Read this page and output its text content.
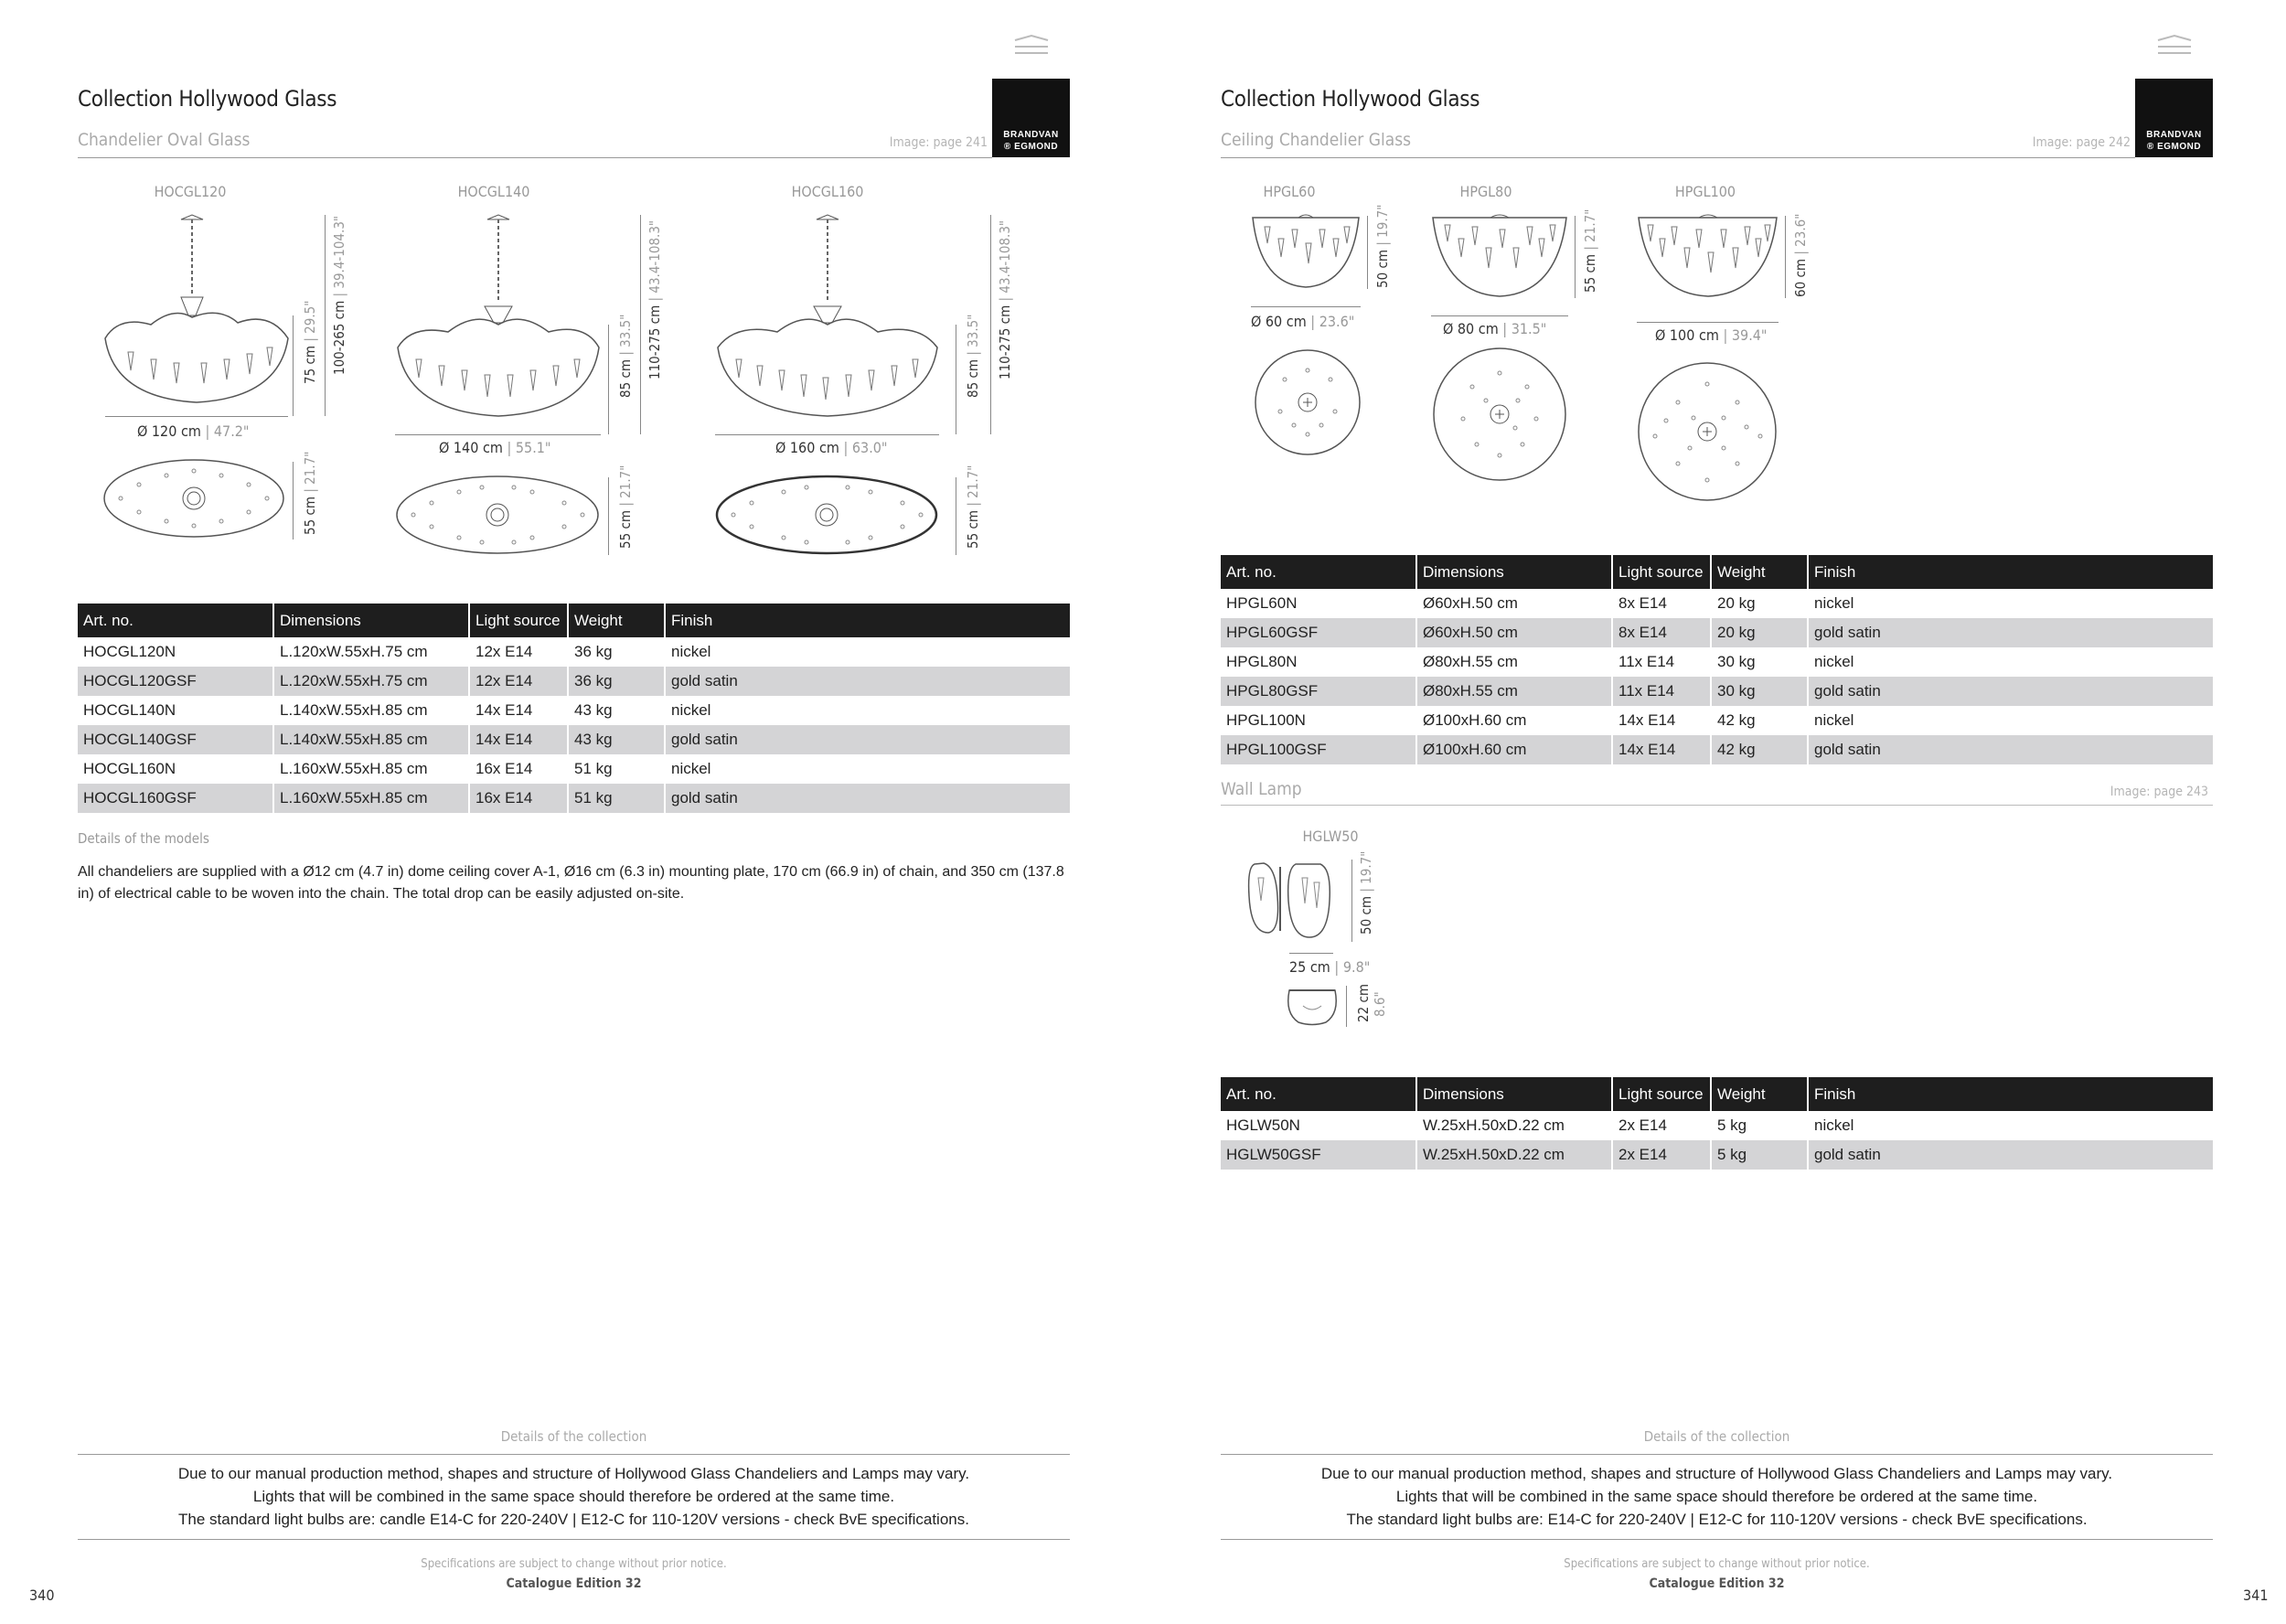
Collection Hollywood Glass
Chandelier Oval Glass	Image: page 241
BRANDVAN
® EGMOND
HOCGL120	HOCGL140	HOCGL160
Ø 120 cm | 47.2"
75 cm | 29.5" 100-265 cm | 39.4-104.3"
55 cm | 21.7"
Ø 140 cm | 55.1"
85 cm | 33.5" 110-275 cm | 43.4-108.3"
55 cm | 21.7"
Ø 160 cm | 63.0"
85 cm | 33.5" 110-275 cm | 43.4-108.3"
55 cm | 21.7"
Art. no.	Dimensions	Light source	Weight	Finish
HOCGL120N	L.120xW.55xH.75 cm	12x E14	36 kg	nickel
HOCGL120GSF	L.120xW.55xH.75 cm	12x E14	36 kg	gold satin
HOCGL140N	L.140xW.55xH.85 cm	14x E14	43 kg	nickel
HOCGL140GSF	L.140xW.55xH.85 cm	14x E14	43 kg	gold satin
HOCGL160N	L.160xW.55xH.85 cm	16x E14	51 kg	nickel
HOCGL160GSF	L.160xW.55xH.85 cm	16x E14	51 kg	gold satin
Details of the models
All chandeliers are supplied with a Ø12 cm (4.7 in) dome ceiling cover A-1, Ø16 cm (6.3 in) mounting plate, 170 cm (66.9 in) of chain, and 350 cm (137.8 in) of electrical cable to be woven into the chain. The total drop can be easily adjusted on-site.
Details of the collection
Due to our manual production method, shapes and structure of Hollywood Glass Chandeliers and Lamps may vary.
Lights that will be combined in the same space should therefore be ordered at the same time.
The standard light bulbs are: candle E14-C for 220-240V | E12-C for 110-120V versions - check BvE specifications.
Specifications are subject to change without prior notice.
Catalogue Edition 32
340
Collection Hollywood Glass
Ceiling Chandelier Glass	Image: page 242
BRANDVAN
® EGMOND
HPGL60	HPGL80	HPGL100
Ø 60 cm | 23.6"
50 cm | 19.7"
Ø 80 cm | 31.5"
55 cm | 21.7"
Ø 100 cm | 39.4"
60 cm | 23.6"
Art. no.	Dimensions	Light source	Weight	Finish
HPGL60N	Ø60xH.50 cm	8x E14	20 kg	nickel
HPGL60GSF	Ø60xH.50 cm	8x E14	20 kg	gold satin
HPGL80N	Ø80xH.55 cm	11x E14	30 kg	nickel
HPGL80GSF	Ø80xH.55 cm	11x E14	30 kg	gold satin
HPGL100N	Ø100xH.60 cm	14x E14	42 kg	nickel
HPGL100GSF	Ø100xH.60 cm	14x E14	42 kg	gold satin
Wall Lamp	Image: page 243
HGLW50
50 cm | 19.7"
25 cm | 9.8"
22 cm 8.6"
Art. no.	Dimensions	Light source	Weight	Finish
HGLW50N	W.25xH.50xD.22 cm	2x E14	5 kg	nickel
HGLW50GSF	W.25xH.50xD.22 cm	2x E14	5 kg	gold satin
Details of the collection
Due to our manual production method, shapes and structure of Hollywood Glass Chandeliers and Lamps may vary.
Lights that will be combined in the same space should therefore be ordered at the same time.
The standard light bulbs are: E14-C for 220-240V | E12-C for 110-120V versions - check BvE specifications.
Specifications are subject to change without prior notice.
Catalogue Edition 32
341
